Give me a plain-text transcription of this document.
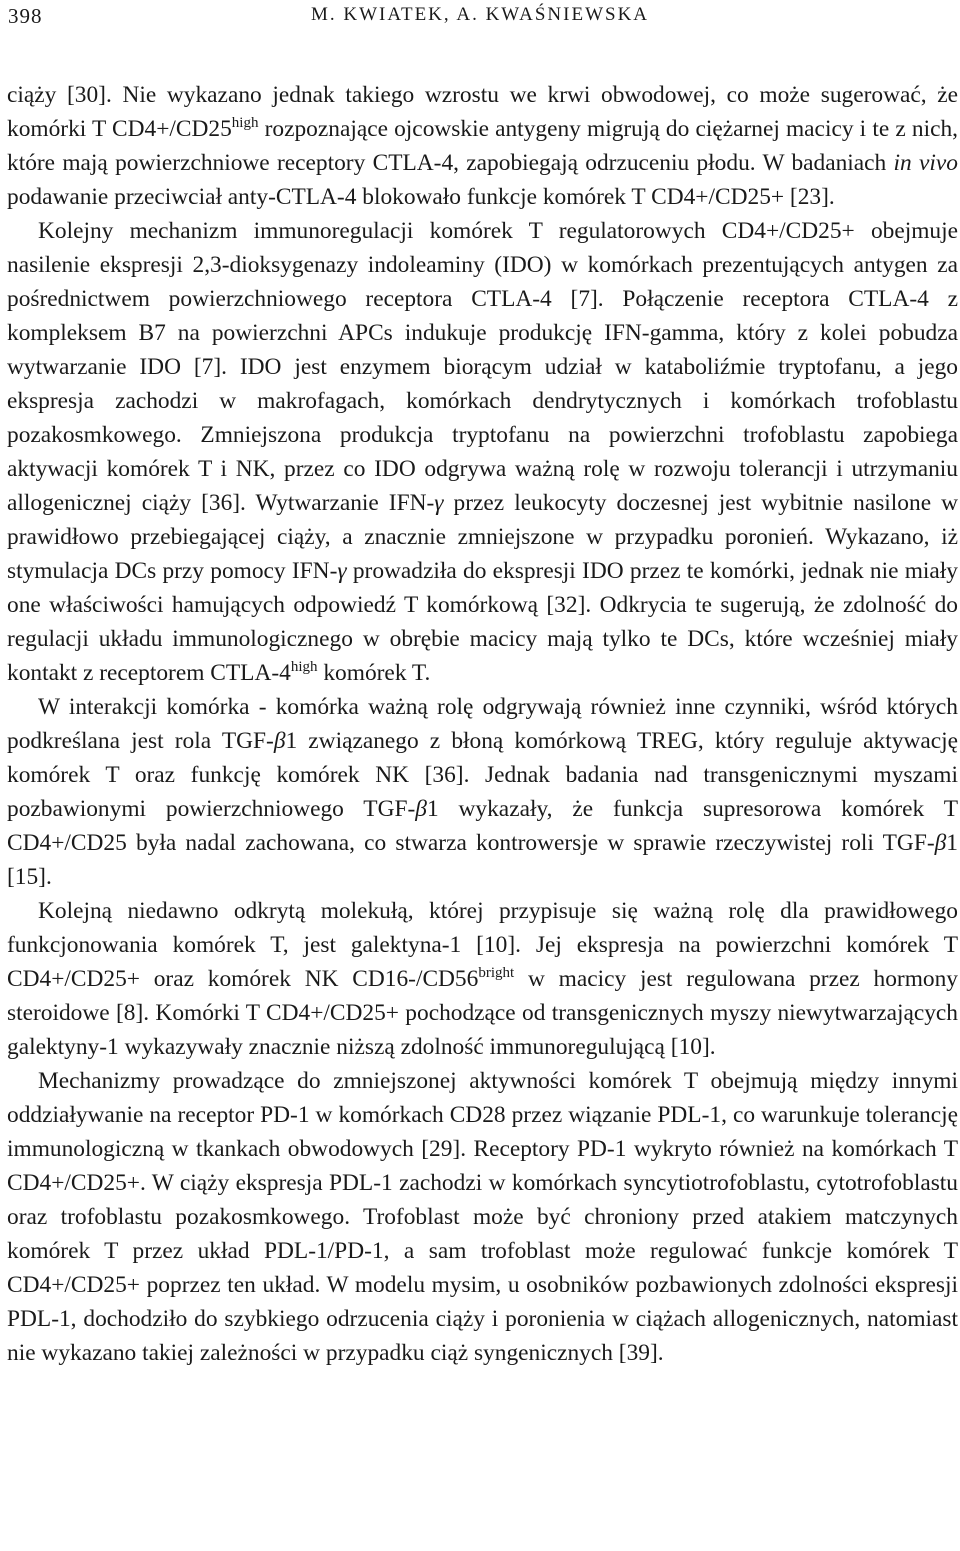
398	M. KWIATEK, A. KWAŚNIEWSKA

ciąży [30]. Nie wykazano jednak takiego wzrostu we krwi obwodowej, co może sugerować, że komórki T $CD4+/CD25^{high}$ rozpoznające ojcowskie antygeny migrują do ciężarnej macicy i te z nich, które mają powierzchniowe receptory CTLA-4, zapobiegają odrzuceniu płodu. W badaniach in vivo podawanie przeciwciał anty-CTLA-4 blokowało funkcje komórek T CD4+/CD25+ [23].

Kolejny mechanizm immunoregulacji komórek T regulatorowych CD4+/CD25+ obejmuje nasilenie ekspresji 2,3-dioksygenazy indoleaminy (IDO) w komórkach prezentujących antygen za pośrednictwem powierzchniowego receptora CTLA-4 [7]. Połączenie receptora CTLA-4 z kompleksem B7 na powierzchni APCs indukuje produkcję IFN-gamma, który z kolei pobudza wytwarzanie IDO [7]. IDO jest enzymem biorącym udział w kataboliźmie tryptofanu, a jego ekspresja zachodzi w makrofagach, komórkach dendrytycznych i komórkach trofoblastu pozakosmkowego. Zmniejszona produkcja tryptofanu na powierzchni trofoblastu zapobiega aktywacji komórek T i NK, przez co IDO odgrywa ważną rolę w rozwoju tolerancji i utrzymaniu allogenicznej ciąży [36]. Wytwarzanie IFN-γ przez leukocyty doczesnej jest wybitnie nasilone w prawidłowo przebiegającej ciąży, a znacznie zmniejszone w przypadku poronień. Wykazano, iż stymulacja DCs przy pomocy IFN-γ prowadziła do ekspresji IDO przez te komórki, jednak nie miały one właściwości hamujących odpowiedź T komórkową [32]. Odkrycia te sugerują, że zdolność do regulacji układu immunologicznego w obrębie macicy mają tylko te DCs, które wcześniej miały kontakt z receptorem CTLA-$4^{high}$ komórek T.

W interakcji komórka - komórka ważną rolę odgrywają również inne czynniki, wśród których podkreślana jest rola TGF-β1 związanego z błoną komórkową TREG, który reguluje aktywację komórek T oraz funkcję komórek NK [36]. Jednak badania nad transgenicznymi myszami pozbawionymi powierzchniowego TGF-β1 wykazały, że funkcja supresorowa komórek T CD4+/CD25 była nadal zachowana, co stwarza kontrowersje w sprawie rzeczywistej roli TGF-β1 [15].

Kolejną niedawno odkrytą molekułą, której przypisuje się ważną rolę dla prawidłowego funkcjonowania komórek T, jest galektyna-1 [10]. Jej ekspresja na powierzchni komórek T CD4+/CD25+ oraz komórek NK $CD16-/CD56^{bright}$ w macicy jest regulowana przez hormony steroidowe [8]. Komórki T CD4+/CD25+ pochodzące od transgenicznych myszy niewytwarzających galektyny-1 wykazywały znacznie niższą zdolność immunoregulującą [10].

Mechanizmy prowadzące do zmniejszonej aktywności komórek T obejmują między innymi oddziaływanie na receptor PD-1 w komórkach CD28 przez wiązanie PDL-1, co warunkuje tolerancję immunologiczną w tkankach obwodowych [29]. Receptory PD-1 wykryto również na komórkach T CD4+/CD25+. W ciąży ekspresja PDL-1 zachodzi w komórkach syncytiotrofoblastu, cytotrofoblastu oraz trofoblastu pozakosmkowego. Trofoblast może być chroniony przed atakiem matczynych komórek T przez układ PDL-1/PD-1, a sam trofoblast może regulować funkcje komórek T CD4+/CD25+ poprzez ten układ. W modelu mysim, u osobników pozbawionych zdolności ekspresji PDL-1, dochodziło do szybkiego odrzucenia ciąży i poronienia w ciążach allogenicznych, natomiast nie wykazano takiej zależności w przypadku ciąż syngenicznych [39].
